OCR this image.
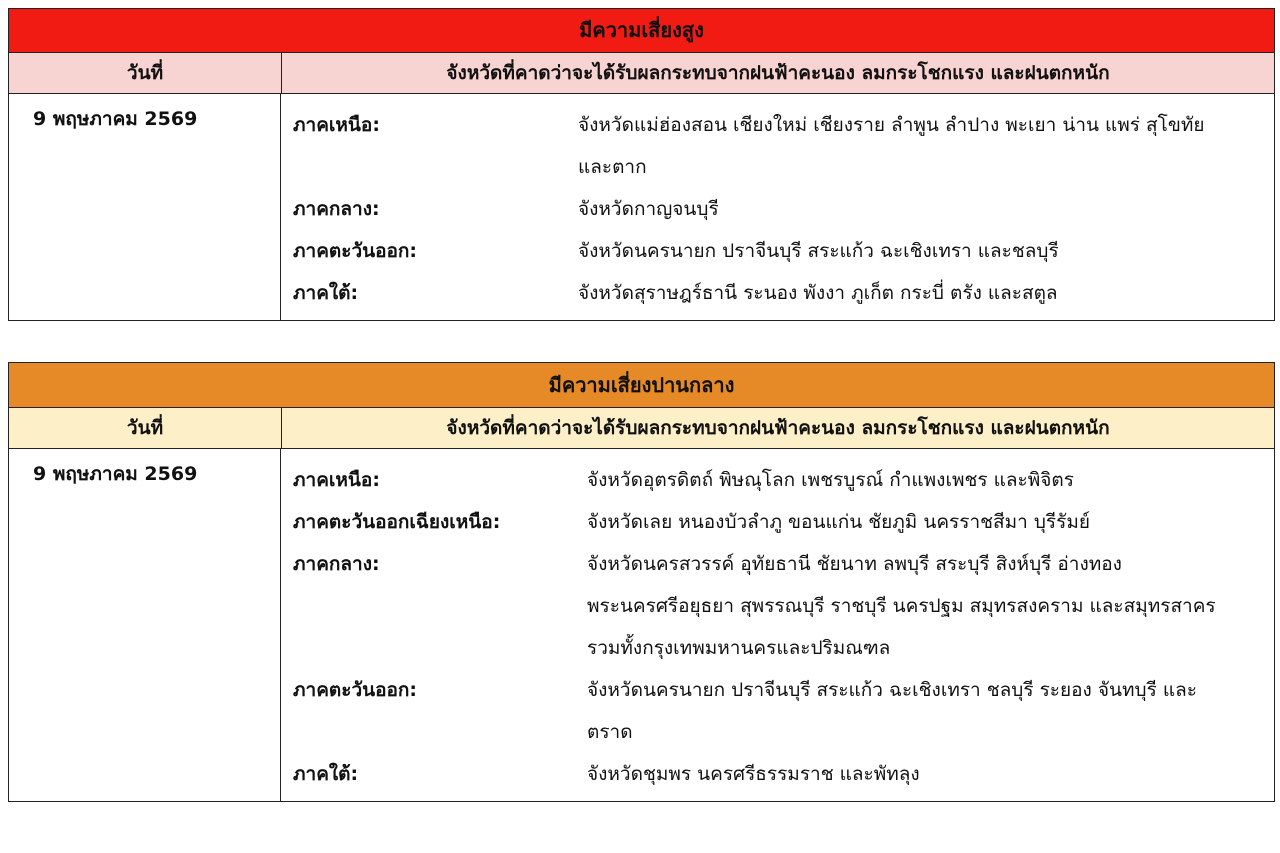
มีความเสี่ยงสูง
วันที่	จังหวัดที่คาดว่าจะได้รับผลกระทบจากฝนฟ้าคะนอง ลมกระโชกแรง และฝนตกหนัก
9 พฤษภาคม 2569	ภาคเหนือ:	จังหวัดแม่ฮ่องสอน เชียงใหม่ เชียงราย ลำพูน ลำปาง พะเยา น่าน แพร่ สุโขทัย และตาก
ภาคกลาง:	จังหวัดกาญจนบุรี
ภาคตะวันออก:	จังหวัดนครนายก ปราจีนบุรี สระแก้ว ฉะเชิงเทรา และชลบุรี
ภาคใต้:	จังหวัดสุราษฎร์ธานี ระนอง พังงา ภูเก็ต กระบี่ ตรัง และสตูล
มีความเสี่ยงปานกลาง
วันที่	จังหวัดที่คาดว่าจะได้รับผลกระทบจากฝนฟ้าคะนอง ลมกระโชกแรง และฝนตกหนัก
9 พฤษภาคม 2569	ภาคเหนือ:	จังหวัดอุตรดิตถ์ พิษณุโลก เพชรบูรณ์ กำแพงเพชร และพิจิตร
ภาคตะวันออกเฉียงเหนือ:	จังหวัดเลย หนองบัวลำภู ขอนแก่น ชัยภูมิ นครราชสีมา บุรีรัมย์
ภาคกลาง:	จังหวัดนครสวรรค์ อุทัยธานี ชัยนาท ลพบุรี สระบุรี สิงห์บุรี อ่างทอง พระนครศรีอยุธยา สุพรรณบุรี ราชบุรี นครปฐม สมุทรสงคราม และสมุทรสาคร รวมทั้งกรุงเทพมหานครและปริมณฑล
ภาคตะวันออก:	จังหวัดนครนายก ปราจีนบุรี สระแก้ว ฉะเชิงเทรา ชลบุรี ระยอง จันทบุรี และตราด
ภาคใต้:	จังหวัดชุมพร นครศรีธรรมราช และพัทลุง
